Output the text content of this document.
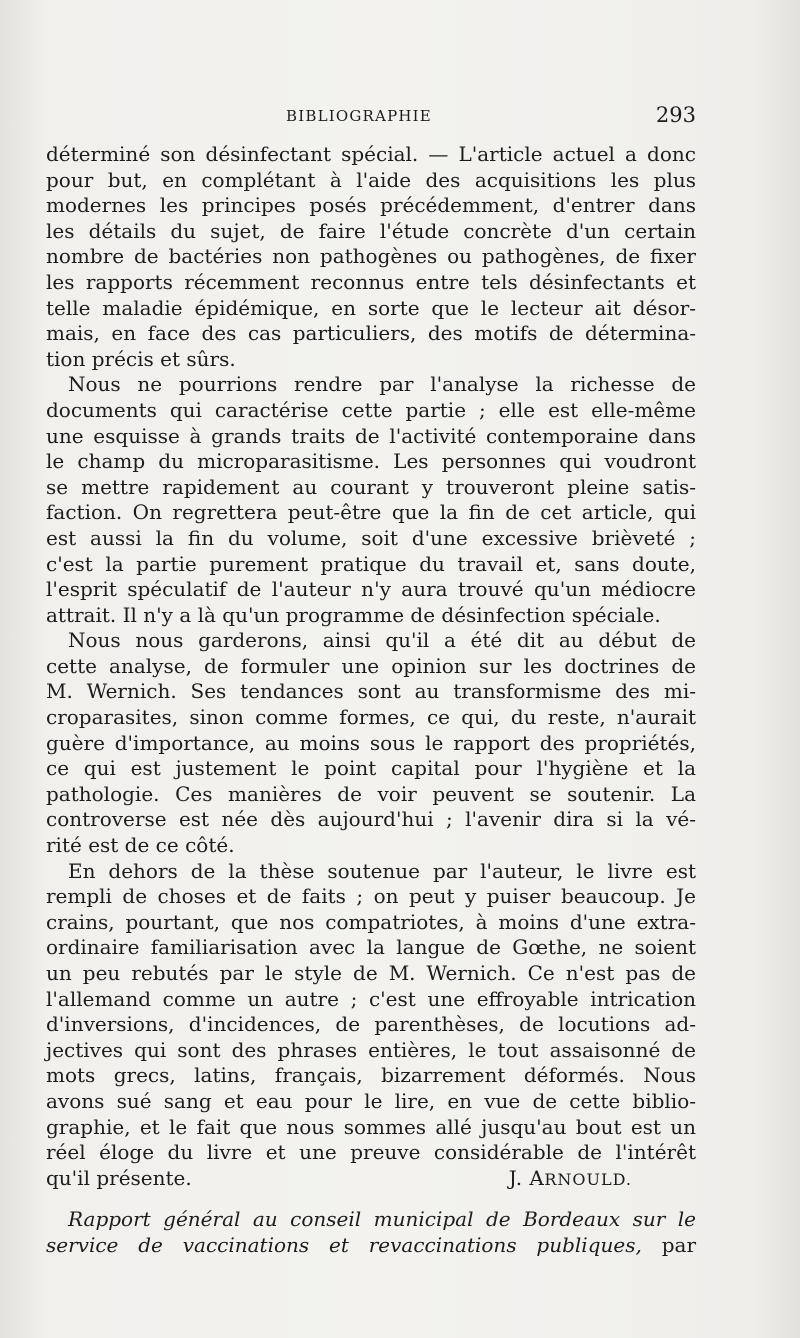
BIBLIOGRAPHIE	293
déterminé son désinfectant spécial. — L'article actuel a donc
pour but, en complétant à l'aide des acquisitions les plus
modernes les principes posés précédemment, d'entrer dans
les détails du sujet, de faire l'étude concrète d'un certain
nombre de bactéries non pathogènes ou pathogènes, de fixer
les rapports récemment reconnus entre tels désinfectants et
telle maladie épidémique, en sorte que le lecteur ait désor-
mais, en face des cas particuliers, des motifs de détermina-
tion précis et sûrs.
Nous ne pourrions rendre par l'analyse la richesse de
documents qui caractérise cette partie ; elle est elle-même
une esquisse à grands traits de l'activité contemporaine dans
le champ du microparasitisme. Les personnes qui voudront
se mettre rapidement au courant y trouveront pleine satis-
faction. On regrettera peut-être que la fin de cet article, qui
est aussi la fin du volume, soit d'une excessive brièveté ;
c'est la partie purement pratique du travail et, sans doute,
l'esprit spéculatif de l'auteur n'y aura trouvé qu'un médiocre
attrait. Il n'y a là qu'un programme de désinfection spéciale.
Nous nous garderons, ainsi qu'il a été dit au début de
cette analyse, de formuler une opinion sur les doctrines de
M. Wernich. Ses tendances sont au transformisme des mi-
croparasites, sinon comme formes, ce qui, du reste, n'aurait
guère d'importance, au moins sous le rapport des propriétés,
ce qui est justement le point capital pour l'hygiène et la
pathologie. Ces manières de voir peuvent se soutenir. La
controverse est née dès aujourd'hui ; l'avenir dira si la vé-
rité est de ce côté.
En dehors de la thèse soutenue par l'auteur, le livre est
rempli de choses et de faits ; on peut y puiser beaucoup. Je
crains, pourtant, que nos compatriotes, à moins d'une extra-
ordinaire familiarisation avec la langue de Gœthe, ne soient
un peu rebutés par le style de M. Wernich. Ce n'est pas de
l'allemand comme un autre ; c'est une effroyable intrication
d'inversions, d'incidences, de parenthèses, de locutions ad-
jectives qui sont des phrases entières, le tout assaisonné de
mots grecs, latins, français, bizarrement déformés. Nous
avons sué sang et eau pour le lire, en vue de cette biblio-
graphie, et le fait que nous sommes allé jusqu'au bout est un
réel éloge du livre et une preuve considérable de l'intérêt
qu'il présente.	J. ARNOULD.
Rapport général au conseil municipal de Bordeaux sur le
service de vaccinations et revaccinations publiques, par
